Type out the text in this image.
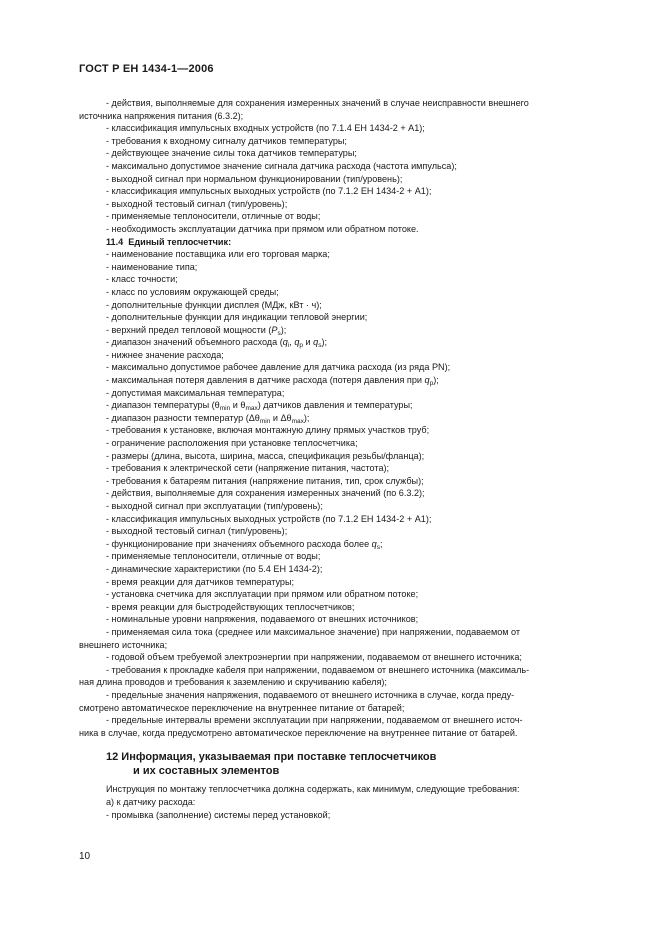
ГОСТ Р ЕН 1434-1—2006
- действия, выполняемые для сохранения измеренных значений в случае неисправности внешнего
источника напряжения питания (6.3.2);
- классификация импульсных входных устройств (по 7.1.4 ЕН 1434-2 + А1);
- требования к входному сигналу датчиков температуры;
- действующее значение силы тока датчиков температуры;
- максимально допустимое значение сигнала датчика расхода (частота импульса);
- выходной сигнал при нормальном функционировании (тип/уровень);
- классификация импульсных выходных устройств (по 7.1.2 ЕН 1434-2 + А1);
- выходной тестовый сигнал (тип/уровень);
- применяемые теплоносители, отличные от воды;
- необходимость эксплуатации датчика при прямом или обратном потоке.
11.4 Единый теплосчетчик:
- наименование поставщика или его торговая марка;
- наименование типа;
- класс точности;
- класс по условиям окружающей среды;
- дополнительные функции дисплея (МДж, кВт · ч);
- дополнительные функции для индикации тепловой энергии;
- верхний предел тепловой мощности $(P_s)$;
- диапазон значений объемного расхода ($q_i$, $q_p$ и $q_s$);
- нижнее значение расхода;
- максимально допустимое рабочее давление для датчика расхода (из ряда PN);
- максимальная потеря давления в датчике расхода (потеря давления при $q_p$);
- допустимая максимальная температура;
- диапазон температуры ($\theta_{min}$ и $\theta_{max}$) датчиков давления и температуры;
- диапазон разности температур ($\Delta\theta_{min}$ и $\Delta\theta_{max}$);
- требования к установке, включая монтажную длину прямых участков труб;
- ограничение расположения при установке теплосчетчика;
- размеры (длина, высота, ширина, масса, спецификация резьбы/фланца);
- требования к электрической сети (напряжение питания, частота);
- требования к батареям питания (напряжение питания, тип, срок службы);
- действия, выполняемые для сохранения измеренных значений (по 6.3.2);
- выходной сигнал при эксплуатации (тип/уровень);
- классификация импульсных выходных устройств (по 7.1.2 ЕН 1434-2 + А1);
- выходной тестовый сигнал (тип/уровень);
- функционирование при значениях объемного расхода более $q_s$;
- применяемые теплоносители, отличные от воды;
- динамические характеристики (по 5.4 ЕН 1434-2);
- время реакции для датчиков температуры;
- установка счетчика для эксплуатации при прямом или обратном потоке;
- время реакции для быстродействующих теплосчетчиков;
- номинальные уровни напряжения, подаваемого от внешних источников;
- применяемая сила тока (среднее или максимальное значение) при напряжении, подаваемом от
внешнего источника;
- годовой объем требуемой электроэнергии при напряжении, подаваемом от внешнего источника;
- требования к прокладке кабеля при напряжении, подаваемом от внешнего источника (максималь-
ная длина проводов и требования к заземлению и скручиванию кабеля);
- предельные значения напряжения, подаваемого от внешнего источника в случае, когда преду-
смотрено автоматическое переключение на внутреннее питание от батарей;
- предельные интервалы времени эксплуатации при напряжении, подаваемом от внешнего источ-
ника в случае, когда предусмотрено автоматическое переключение на внутреннее питание от батарей.
12 Информация, указываемая при поставке теплосчетчиков
и их составных элементов
Инструкция по монтажу теплосчетчика должна содержать, как минимум, следующие требования:
а) к датчику расхода:
- промывка (заполнение) системы перед установкой;
10
